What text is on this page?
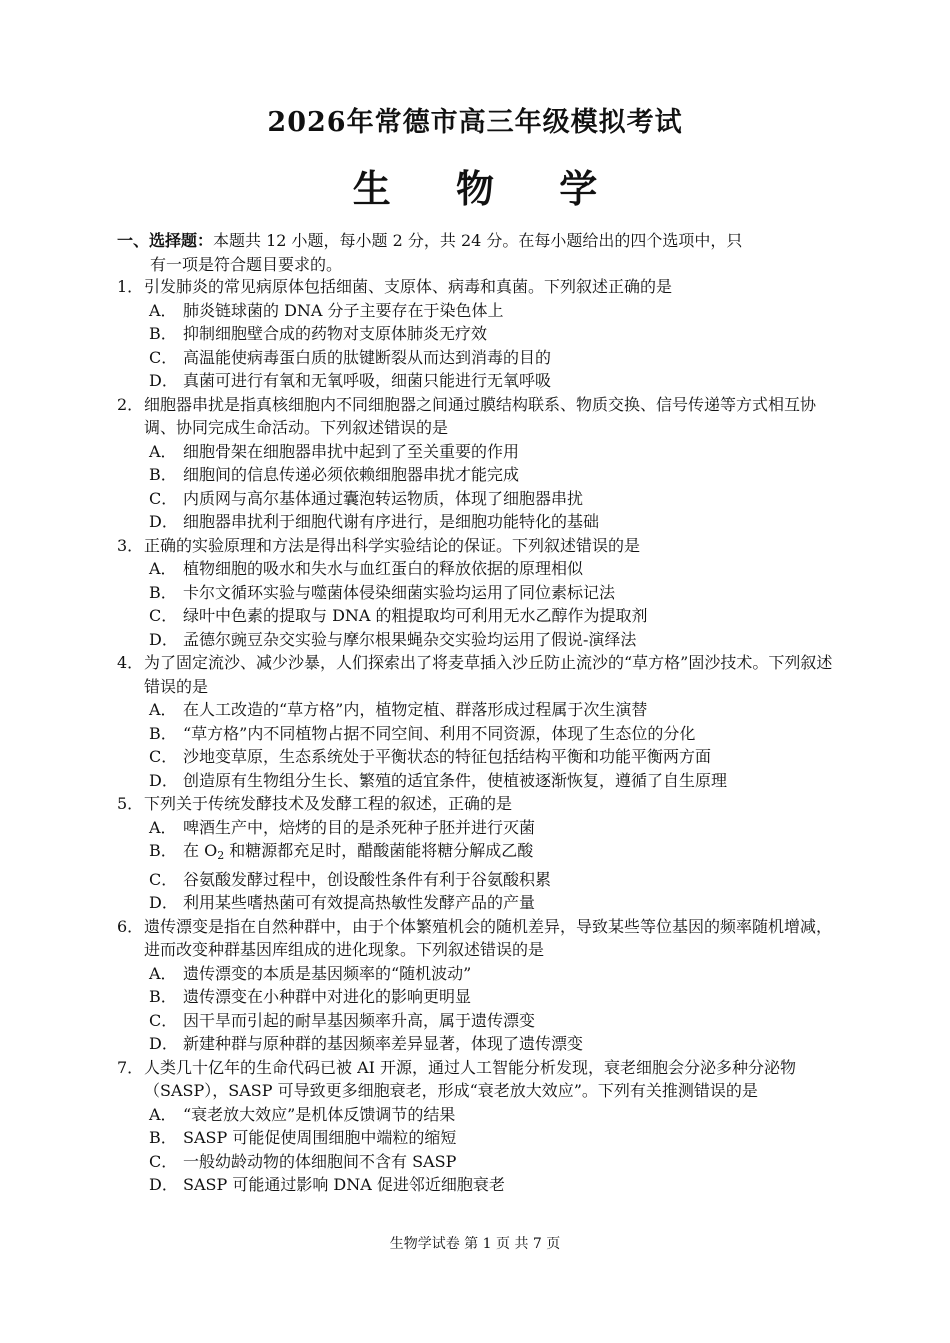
2026年常德市高三年级模拟考试
生 物 学
一、选择题：本题共 12 小题，每小题 2 分，共 24 分。在每小题给出的四个选项中，只
有一项是符合题目要求的。
1． 引发肺炎的常见病原体包括细菌、支原体、病毒和真菌。下列叙述正确的是
A． 肺炎链球菌的 DNA 分子主要存在于染色体上
B． 抑制细胞壁合成的药物对支原体肺炎无疗效
C． 高温能使病毒蛋白质的肽键断裂从而达到消毒的目的
D． 真菌可进行有氧和无氧呼吸，细菌只能进行无氧呼吸
2． 细胞器串扰是指真核细胞内不同细胞器之间通过膜结构联系、物质交换、信号传递等方式相互协调、协同完成生命活动。下列叙述错误的是
A． 细胞骨架在细胞器串扰中起到了至关重要的作用
B． 细胞间的信息传递必须依赖细胞器串扰才能完成
C． 内质网与高尔基体通过囊泡转运物质，体现了细胞器串扰
D． 细胞器串扰利于细胞代谢有序进行，是细胞功能特化的基础
3． 正确的实验原理和方法是得出科学实验结论的保证。下列叙述错误的是
A． 植物细胞的吸水和失水与血红蛋白的释放依据的原理相似
B． 卡尔文循环实验与噬菌体侵染细菌实验均运用了同位素标记法
C． 绿叶中色素的提取与 DNA 的粗提取均可利用无水乙醇作为提取剂
D． 孟德尔豌豆杂交实验与摩尔根果蝇杂交实验均运用了假说-演绎法
4． 为了固定流沙、减少沙暴，人们探索出了将麦草插入沙丘防止流沙的“草方格”固沙技术。下列叙述错误的是
A． 在人工改造的“草方格”内，植物定植、群落形成过程属于次生演替
B． “草方格”内不同植物占据不同空间、利用不同资源，体现了生态位的分化
C． 沙地变草原，生态系统处于平衡状态的特征包括结构平衡和功能平衡两方面
D． 创造原有生物组分生长、繁殖的适宜条件，使植被逐渐恢复，遵循了自生原理
5． 下列关于传统发酵技术及发酵工程的叙述，正确的是
A． 啤酒生产中，焙烤的目的是杀死种子胚并进行灭菌
B． 在 $O_2$ 和糖源都充足时，醋酸菌能将糖分解成乙酸
C． 谷氨酸发酵过程中，创设酸性条件有利于谷氨酸积累
D． 利用某些嗜热菌可有效提高热敏性发酵产品的产量
6． 遗传漂变是指在自然种群中，由于个体繁殖机会的随机差异，导致某些等位基因的频率随机增减，进而改变种群基因库组成的进化现象。下列叙述错误的是
A． 遗传漂变的本质是基因频率的“随机波动”
B． 遗传漂变在小种群中对进化的影响更明显
C． 因干旱而引起的耐旱基因频率升高，属于遗传漂变
D． 新建种群与原种群的基因频率差异显著，体现了遗传漂变
7． 人类几十亿年的生命代码已被 AI 开源，通过人工智能分析发现，衰老细胞会分泌多种分泌物（SASP），SASP 可导致更多细胞衰老，形成“衰老放大效应”。下列有关推测错误的是
A． “衰老放大效应”是机体反馈调节的结果
B． SASP 可能促使周围细胞中端粒的缩短
C． 一般幼龄动物的体细胞间不含有 SASP
D． SASP 可能通过影响 DNA 促进邻近细胞衰老
生物学试卷 第 1 页 共 7 页
